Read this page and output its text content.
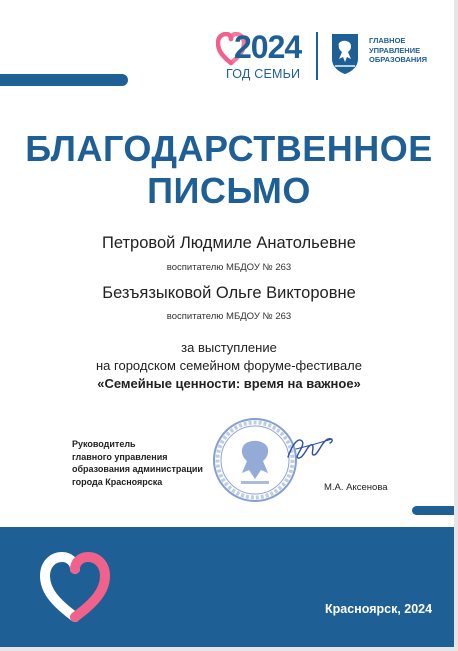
2024
ГОД СЕМЬИ
ГЛАВНОЕ
УПРАВЛЕНИЕ
ОБРАЗОВАНИЯ
БЛАГОДАРСТВЕННОЕ
ПИСЬМО
Петровой Людмиле Анатольевне
воспитателю МБДОУ № 263
Безъязыковой Ольге Викторовне
воспитателю МБДОУ № 263
за выступление
на городском семейном форуме-фестивале
«Семейные ценности: время на важное»
Руководитель
главного управления
образования администрации
города Красноярска
М.А. Аксенова
Красноярск, 2024
